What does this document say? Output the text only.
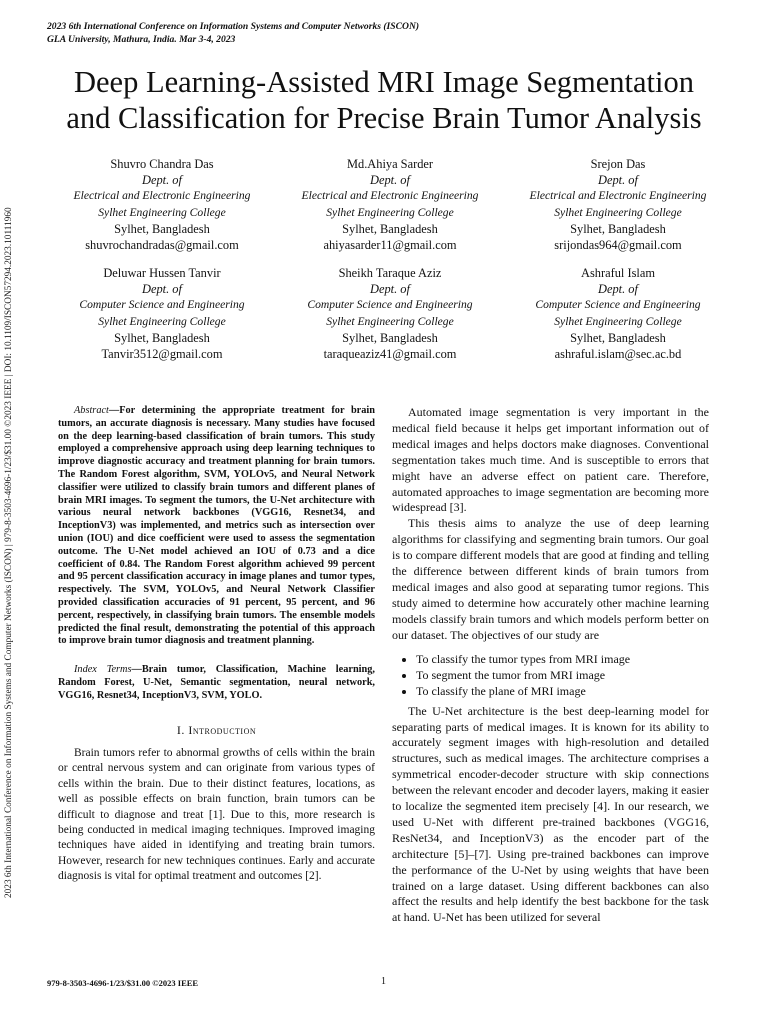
2023 6th International Conference on Information Systems and Computer Networks (ISCON)
GLA University, Mathura, India. Mar 3-4, 2023
2023 6th International Conference on Information Systems and Computer Networks (ISCON) | 979-8-3503-4696-1/23/$31.00 ©2023 IEEE | DOI: 10.1109/ISCON57294.2023.10111960
Deep Learning-Assisted MRI Image Segmentation
and Classification for Precise Brain Tumor Analysis
Shuvro Chandra Das
Dept. of
Electrical and Electronic Engineering
Sylhet Engineering College
Sylhet, Bangladesh
shuvrochandradas@gmail.com
Md.Ahiya Sarder
Dept. of
Electrical and Electronic Engineering
Sylhet Engineering College
Sylhet, Bangladesh
ahiyasarder11@gmail.com
Srejon Das
Dept. of
Electrical and Electronic Engineering
Sylhet Engineering College
Sylhet, Bangladesh
srijondas964@gmail.com
Deluwar Hussen Tanvir
Dept. of
Computer Science and Engineering
Sylhet Engineering College
Sylhet, Bangladesh
Tanvir3512@gmail.com
Sheikh Taraque Aziz
Dept. of
Computer Science and Engineering
Sylhet Engineering College
Sylhet, Bangladesh
taraqueaziz41@gmail.com
Ashraful Islam
Dept. of
Computer Science and Engineering
Sylhet Engineering College
Sylhet, Bangladesh
ashraful.islam@sec.ac.bd

Abstract—For determining the appropriate treatment for brain tumors, an accurate diagnosis is necessary. Many studies have focused on the deep learning-based classification of brain tumors. This study employed a comprehensive approach using deep learning techniques to improve diagnostic accuracy and treatment planning for brain tumors. The Random Forest algorithm, SVM, YOLOv5, and Neural Network classifier were utilized to classify brain tumors and different planes of brain MRI images. To segment the tumors, the U-Net architecture with various neural network backbones (VGG16, Resnet34, and InceptionV3) was implemented, and metrics such as intersection over union (IOU) and dice coefficient were used to assess the segmentation outcome. The U-Net model achieved an IOU of 0.73 and a dice coefficient of 0.84. The Random Forest algorithm achieved 99 percent and 95 percent classification accuracy in image planes and tumor types, respectively. The SVM, YOLOv5, and Neural Network Classifier provided classification accuracies of 91 percent, 95 percent, and 96 percent, respectively, in classifying brain tumors. The ensemble models predicted the final result, demonstrating the potential of this approach to improve brain tumor diagnosis and treatment planning.

Index Terms—Brain tumor, Classification, Machine learning, Random Forest, U-Net, Semantic segmentation, neural network, VGG16, Resnet34, InceptionV3, SVM, YOLO.

I. Introduction

Brain tumors refer to abnormal growths of cells within the brain or central nervous system and can originate from various types of cells within the brain. Due to their distinct features, locations, as well as possible effects on brain function, brain tumors can be difficult to diagnose and treat [1]. Due to this, more research is being conducted in medical imaging techniques. Improved imaging techniques have aided in identifying and treating brain tumors. However, research for new techniques continues. Early and accurate diagnosis is vital for optimal treatment and outcomes [2].

Automated image segmentation is very important in the medical field because it helps get important information out of medical images and helps doctors make diagnoses. Conventional segmentation takes much time. And is susceptible to errors that might have an adverse effect on patient care. Therefore, automated approaches to image segmentation are becoming more widespread [3].

This thesis aims to analyze the use of deep learning algorithms for classifying and segmenting brain tumors. Our goal is to compare different models that are good at finding and telling the difference between different kinds of brain tumors from medical images and also good at separating tumor regions. This study aimed to determine how accurately other machine learning models classify brain tumors and which models perform better on our dataset. The objectives of our study are

• To classify the tumor types from MRI image
• To segment the tumor from MRI image
• To classify the plane of MRI image

The U-Net architecture is the best deep-learning model for separating parts of medical images. It is known for its ability to accurately segment images with high-resolution and detailed structures, such as medical images. The architecture comprises a symmetrical encoder-decoder structure with skip connections between the relevant encoder and decoder layers, making it easier to localize the segmented item precisely [4]. In our research, we used U-Net with different pre-trained backbones (VGG16, ResNet34, and InceptionV3) as the encoder part of the architecture [5]–[7]. Using pre-trained backbones can improve the performance of the U-Net by using weights that have been trained on a large dataset. Using different backbones can also affect the results and help identify the best backbone for the task at hand. U-Net has been utilized for several

979-8-3503-4696-1/23/$31.00 ©2023 IEEE	1
